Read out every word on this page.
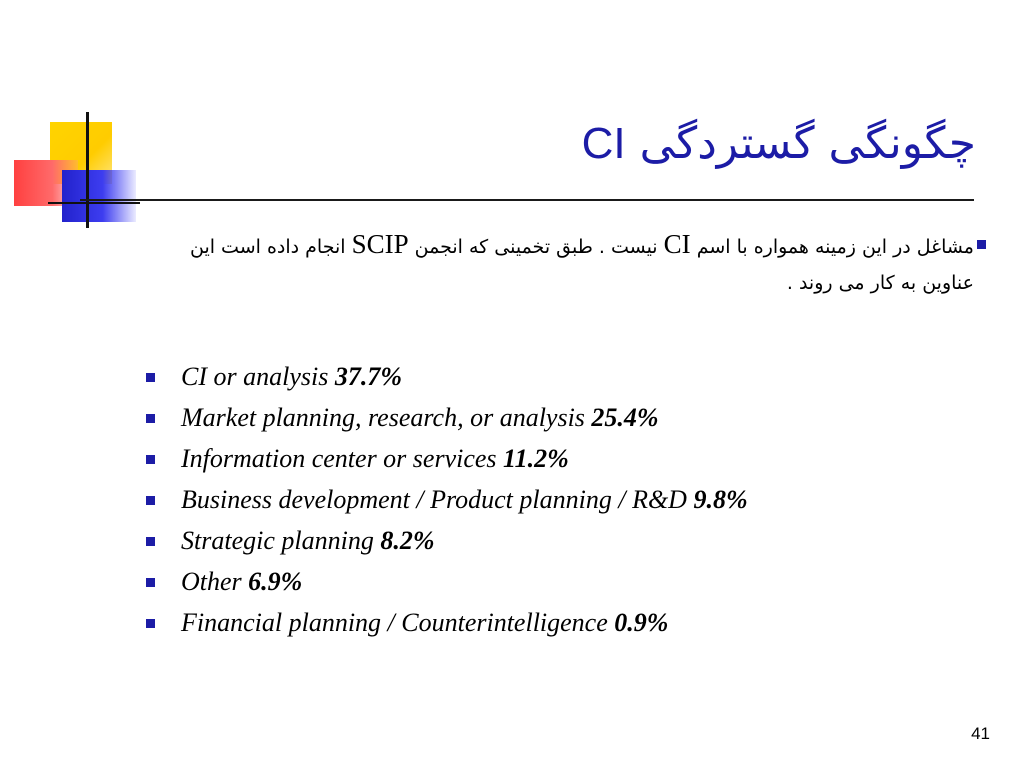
چگونگی گستردگی CI
مشاغل در این زمینه همواره با اسم CI نیست . طبق تخمینی که انجمن SCIP انجام داده است این عناوین به کار می روند .
CI or analysis 37.7%
Market planning, research, or analysis 25.4%
Information center or services 11.2%
Business development / Product planning / R&D 9.8%
Strategic planning 8.2%
Other 6.9%
Financial planning / Counterintelligence 0.9%
41
